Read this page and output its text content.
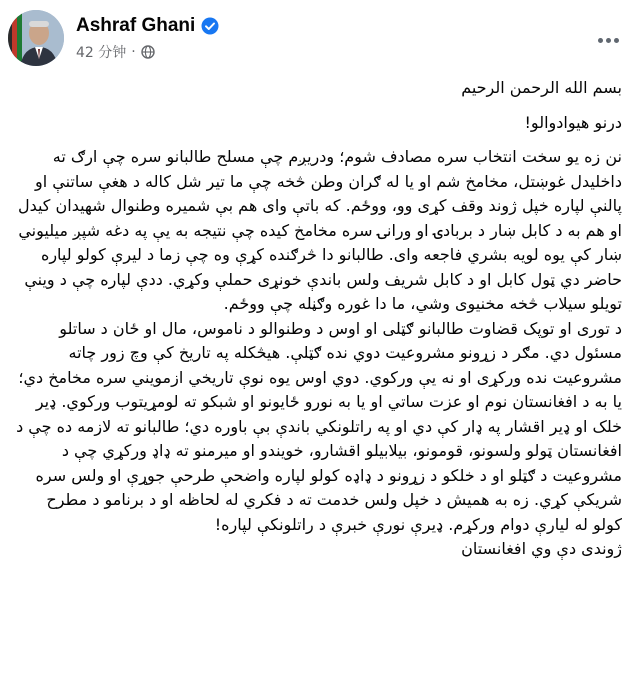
Ashraf Ghani
42 分钟 ·

بسم الله الرحمن الرحيم

درنو هیوادوالو!

نن زه یو سخت انتخاب سره مصادف شوم؛ ودریږم چې مسلح طالبانو سره چې ارګ ته داخلیدل غوښتل، مخامخ شم او یا له ګران وطن څخه چې ما تیر شل کاله د هغې ساتنې او پالنې لپاره خپل ژوند وقف کړی وو، ووځم. که باتې وای هم بې شمیره وطنوال شهیدان کیدل او هم به د کابل ښار د بربادۍ او ورانۍ سره مخامخ کیده چې نتیجه به یې په دغه شپږ میلیوني ښار کې یوه لویه بشري فاجعه وای. طالبانو دا څرګنده کړې وه چې زما د لیرې کولو لپاره حاضر دي ټول کابل او د کابل شریف ولس باندې خونړی حملې وکړي. ددې لپاره چې د وینې تویلو سیلاب څخه مخنیوی وشي، ما دا غوره وګڼله چې ووځم.

د توری او توپک قضاوت طالبانو ګټلی او اوس د وطنوالو د ناموس، مال او ځان د ساتلو مسئول دي. مګر د زړونو مشروعیت دوي نده ګټلې. هیڅکله په تاریخ کې وچ زور چاته مشروعیت نده ورکړی او نه یې ورکوي. دوي اوس یوه نوې تاریخي ازمویني سره مخامخ دي؛ یا به د افغانستان نوم او عزت ساتي او یا به نورو ځایونو او شبکو ته لومړیتوب ورکوي. ډیر خلک او ډیر اقشار په ډار کې دي او په راتلونکي باندې بې باوره دي؛ طالبانو ته لازمه ده چې د افغانستان ټولو ولسونو، قومونو، بیلابیلو اقشارو، خویندو او میرمنو ته ډاډ ورکړي چې د مشروعیت د ګټلو او د خلکو د زړونو د ډاډه کولو لپاره واضحې طرحې جوړې او ولس سره شریکې کړي. زه به همیش د خپل ولس خدمت ته د فکري له لحاظه او د برنامو د مطرح کولو له لیارې دوام ورکړم. ډیرې نورې خبرې د راتلونکې لپاره!

ژوندی دې وي افغانستان
